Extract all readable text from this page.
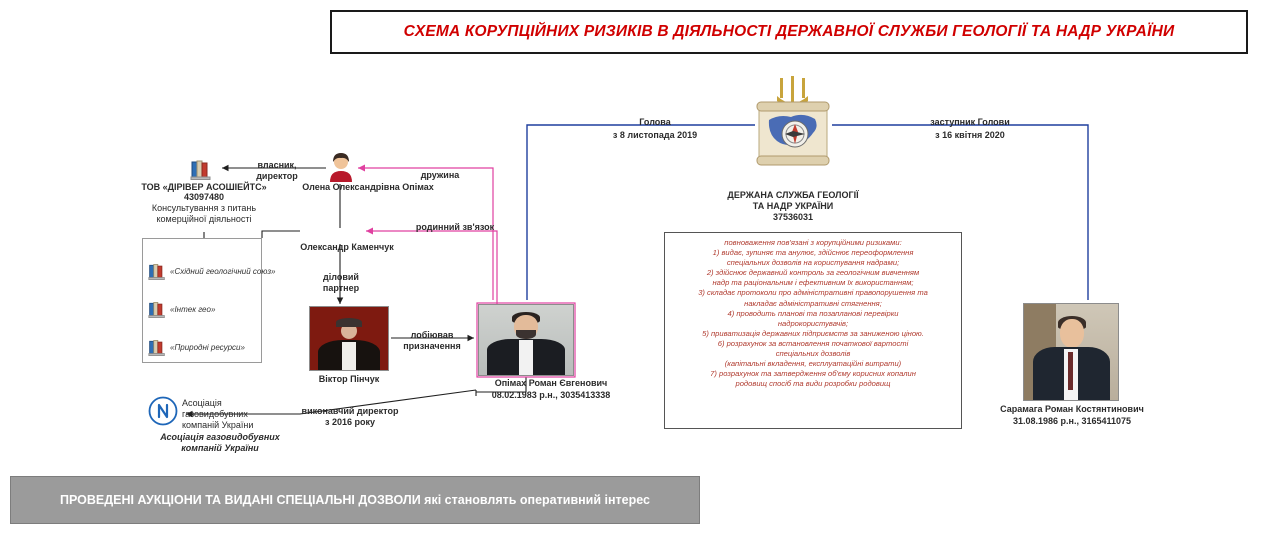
СХЕМА КОРУПЦІЙНИХ РИЗИКІВ В ДІЯЛЬНОСТІ ДЕРЖАВНОЇ СЛУЖБИ ГЕОЛОГІЇ ТА НАДР УКРАЇНИ
ДЕРЖАНА СЛУЖБА ГЕОЛОГІЇ
ТА НАДР УКРАЇНИ
37536031
Голова
з 8 листопада 2019
заступник Голови
з 16 квітня 2020
повноваження пов'язані з корупційними ризиками:
1) видає, зупиняє та анулює, здійснює переоформлення
спеціальних дозволів на користування надрами;
2) здійснює державний контроль за геологічним вивченням
надр та раціональним і ефективним їх використанням;
3) складає протоколи про адміністративні правопорушення та
накладає адміністративні стягнення;
4) проводить планові та позапланові перевірки
надрокористувачів;
5) приватизація державних підприємств за заниженою ціною.
6) розрахунок за встановлення початкової вартості
спеціальних дозволів
(капітальні вкладення, експлуатаційні витрати)
7) розрахунок та затвердження об'єму корисних копалин
родовищ спосіб та види розробки родовищ
Олена Олександрівна Опімах
дружина
родинний зв'язок
ТОВ «ДІРІВЕР АСОШІЕЙТС»
43097480
Консультування з питань
комерційної діяльності
власник,
директор
Олександр Каменчук
діловий
партнер
«Східний геологічний союз»
«Інтек гео»
«Природні ресурси»
Віктор Пінчук
лобіював
призначення
Опімах Роман Євгенович
08.02.1983 р.н., 3035413338
Сарамага Роман Костянтинович
31.08.1986 р.н., 3165411075
Асоціація
газовидобувних
компаній України
Асоціація газовидобувних
компаній України
виконавчий директор
з 2016 року
ПРОВЕДЕНІ АУКЦІОНИ ТА ВИДАНІ СПЕЦІАЛЬНІ ДОЗВОЛИ які становлять оперативний інтерес
